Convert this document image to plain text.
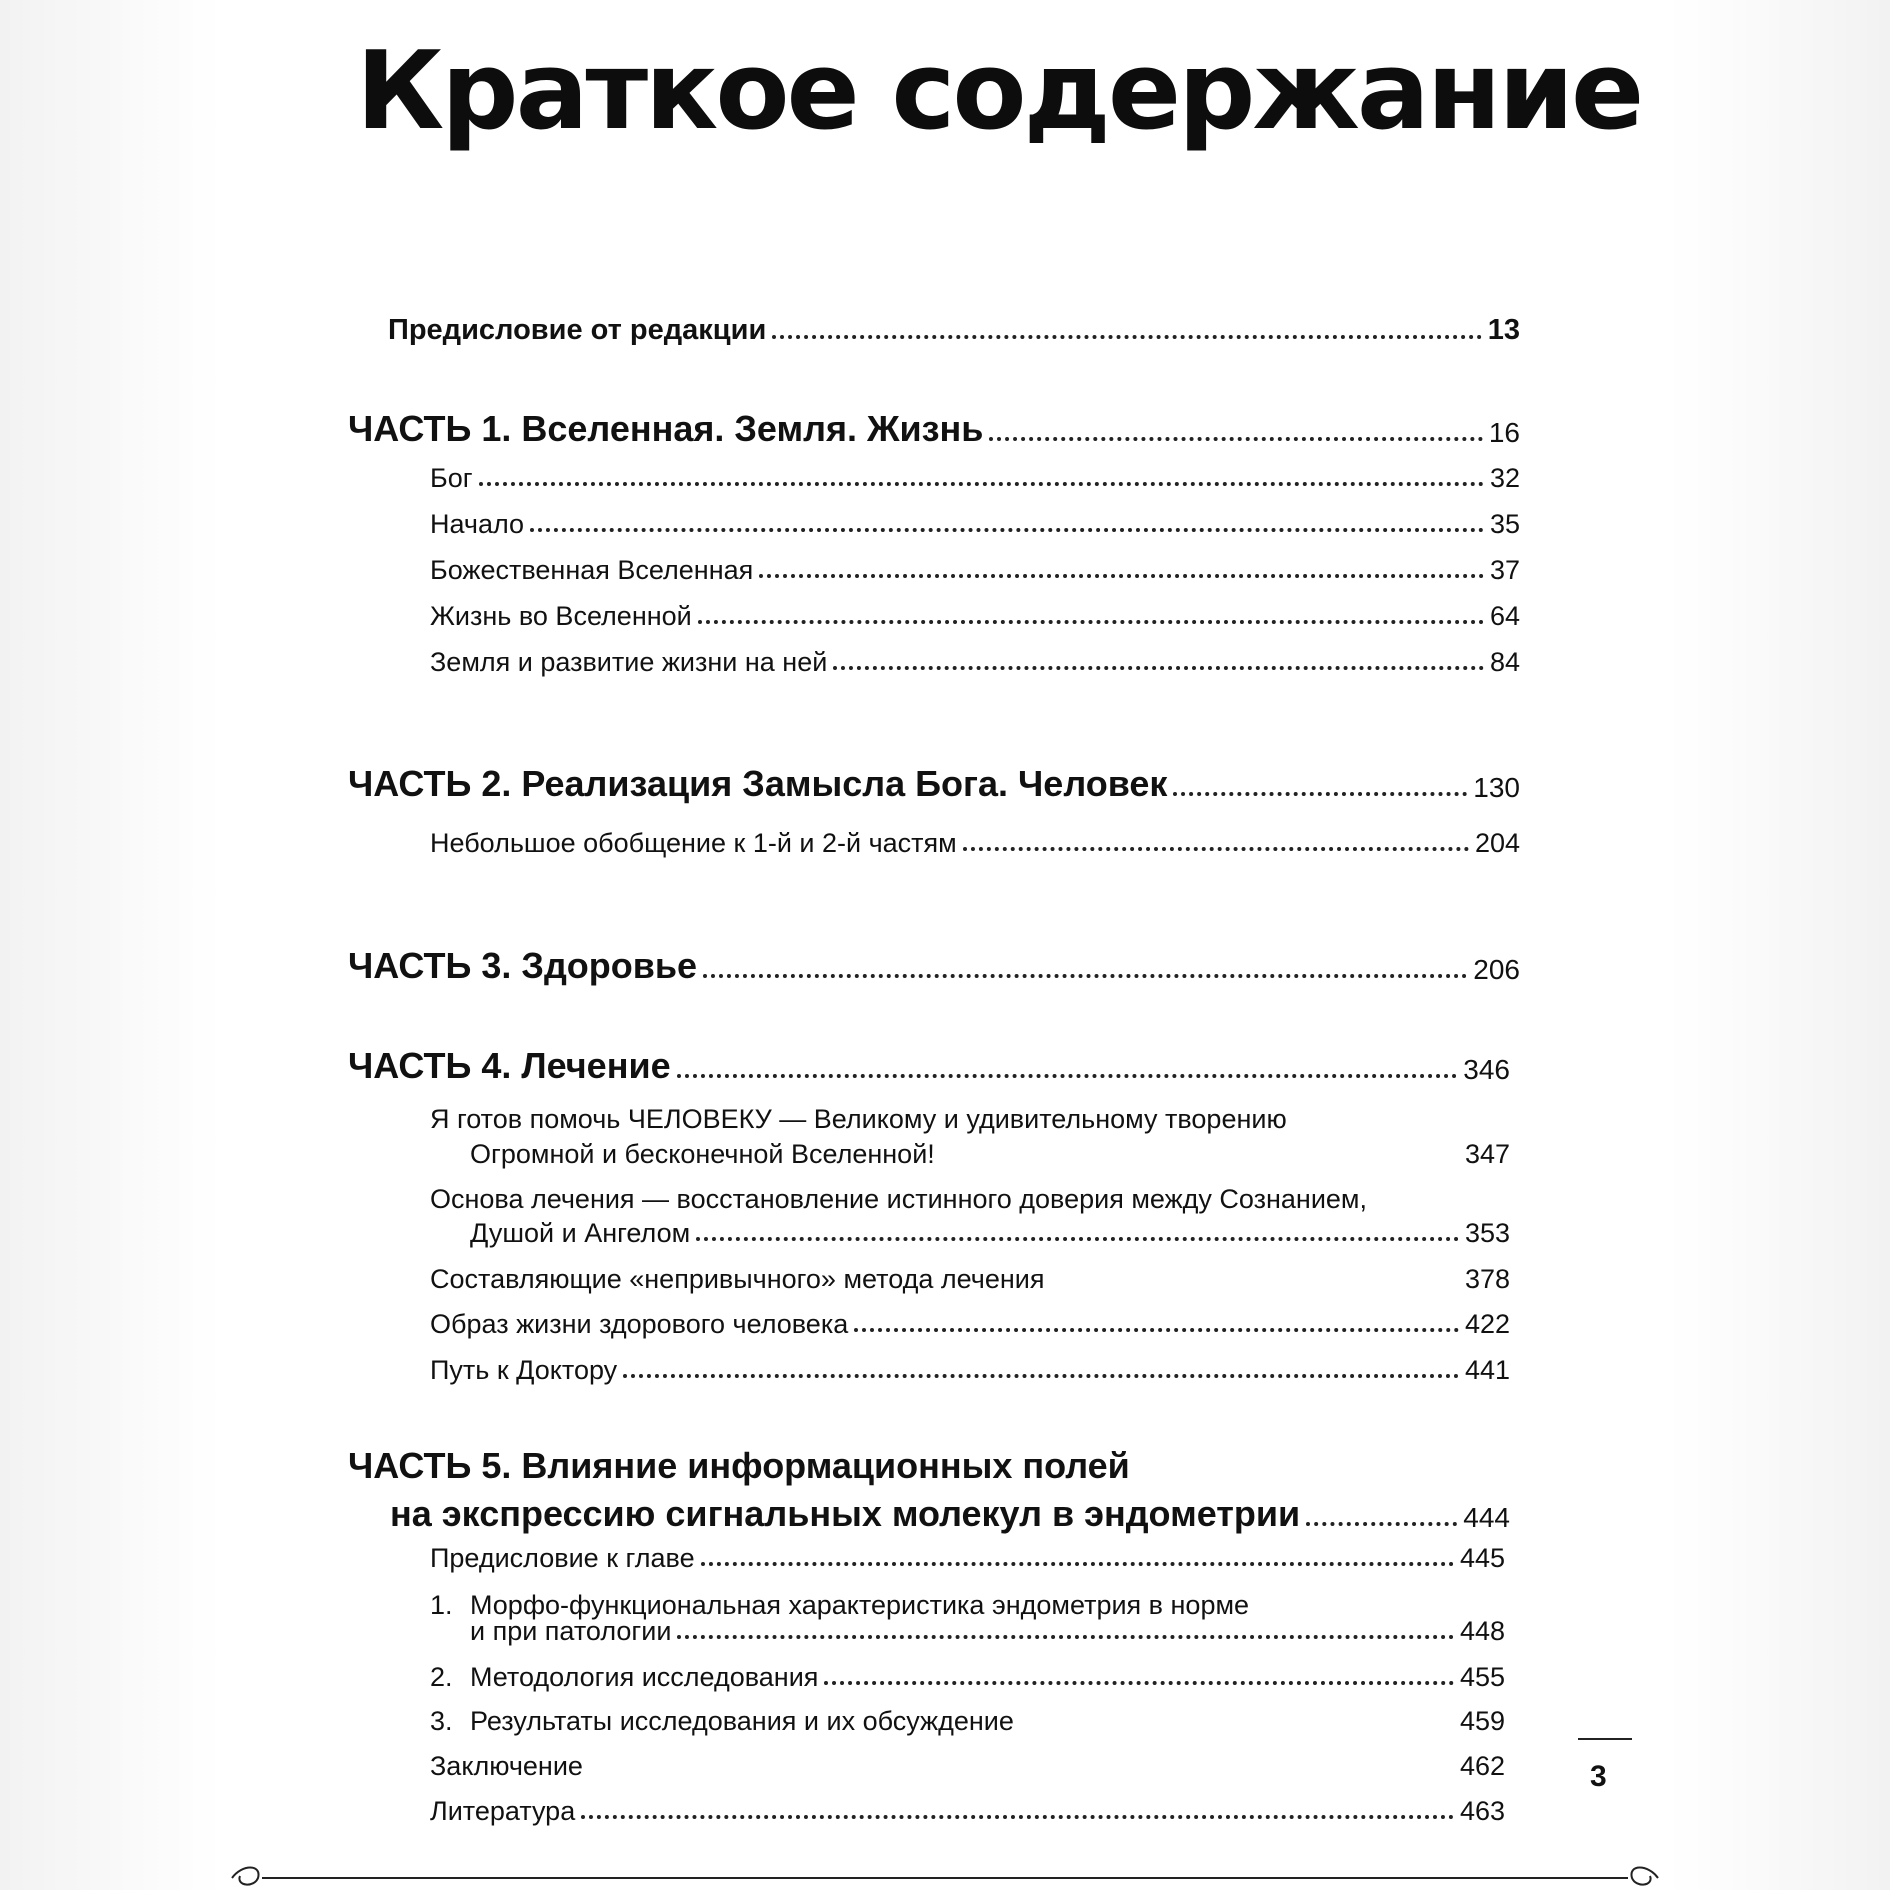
Краткое содержание
Предисловие от редакции	13
ЧАСТЬ 1. Вселенная. Земля. Жизнь	16
Бог	32
Начало	35
Божественная Вселенная	37
Жизнь во Вселенной	64
Земля и развитие жизни на ней	84
ЧАСТЬ 2. Реализация Замысла Бога. Человек	130
Небольшое обобщение к 1-й и 2-й частям	204
ЧАСТЬ 3. Здоровье	206
ЧАСТЬ 4. Лечение	346
Я готов помочь ЧЕЛОВЕКУ — Великому и удивительному творению
Огромной и бесконечной Вселенной!	347
Основа лечения — восстановление истинного доверия между Сознанием,
Душой и Ангелом	353
Составляющие «непривычного» метода лечения	378
Образ жизни здорового человека	422
Путь к Доктору	441
ЧАСТЬ 5. Влияние информационных полей
на экспрессию сигнальных молекул в эндометрии	444
Предисловие к главе	445
1. Морфо-функциональная характеристика эндометрия в норме
и при патологии	448
2. Методология исследования	455
3. Результаты исследования и их обсуждение	459
Заключение	462
Литература	463
3
